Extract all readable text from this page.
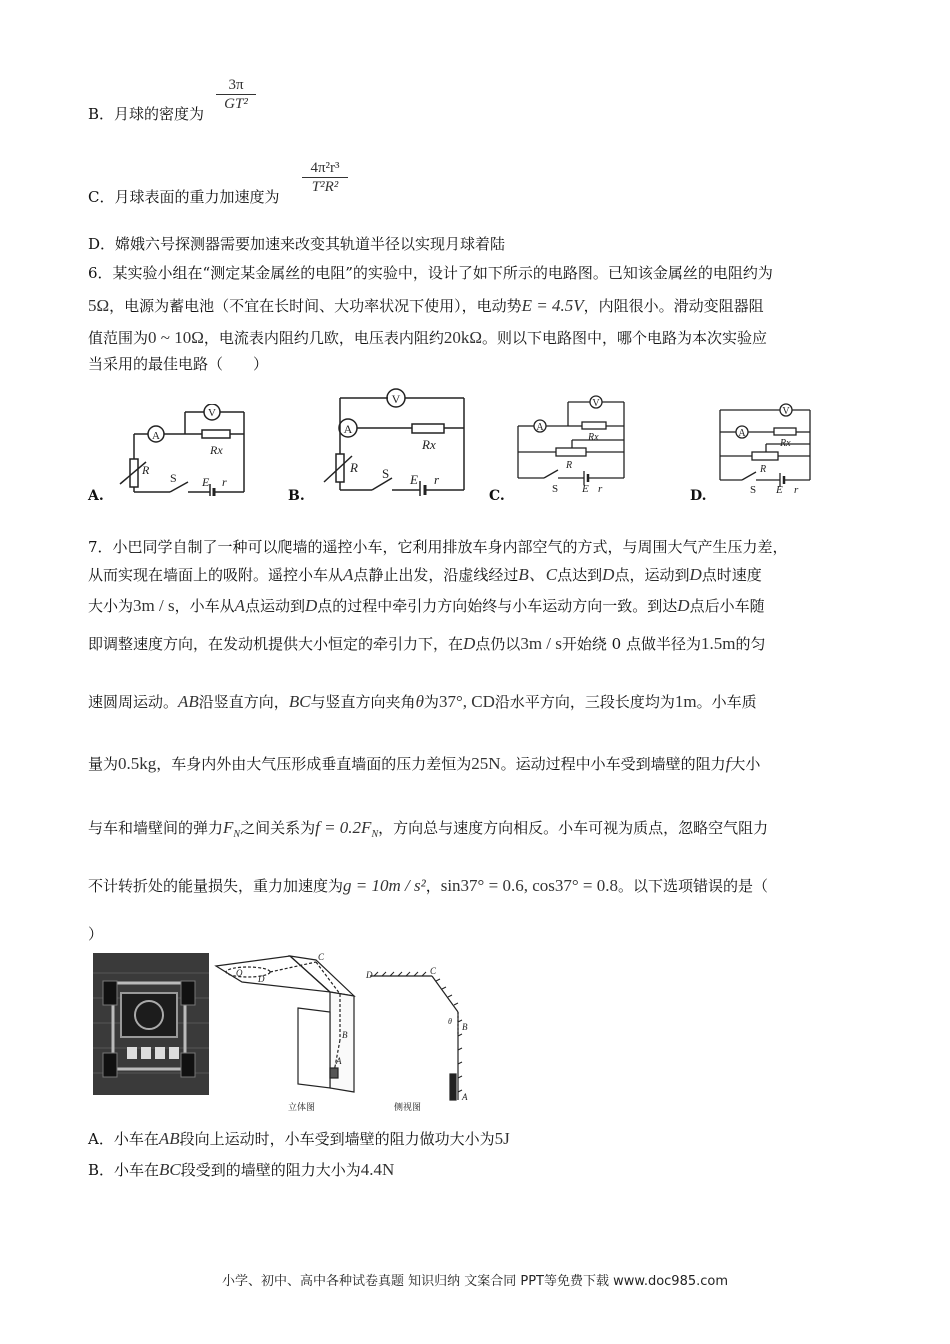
B．月球的密度为
3π
GT²
C．月球表面的重力加速度为
4π²r³
T²R²
D．嫦娥六号探测器需要加速来改变其轨道半径以实现月球着陆
6．某实验小组在“测定某金属丝的电阻”的实验中，设计了如下所示的电路图。已知该金属丝的电阻约为
5Ω，电源为蓄电池（不宜在长时间、大功率状况下使用），电动势E = 4.5V，内阻很小。滑动变阻器阻
值范围为0 ~ 10Ω，电流表内阻约几欧，电压表内阻约20kΩ。则以下电路图中，哪个电路为本次实验应
当采用的最佳电路（　　）
A.	B.	C.	D.
A
V
Rx
R
S E r
A
V
Rx
R S E r
A
V
Rx
R
S E r
A
V
Rx
R
S E r
7．小巴同学自制了一种可以爬墙的遥控小车，它利用排放车身内部空气的方式，与周围大气产生压力差，
从而实现在墙面上的吸附。遥控小车从A点静止出发，沿虚线经过B、C点达到D点，运动到D点时速度
大小为3m / s，小车从A点运动到D点的过程中牵引力方向始终与小车运动方向一致。到达D点后小车随
即调整速度方向，在发动机提供大小恒定的牵引力下，在D点仍以3m / s开始绕 0 点做半径为1.5m的匀
速圆周运动。AB沿竖直方向，BC与竖直方向夹角θ为37°, CD沿水平方向，三段长度均为1m。小车质
量为0.5kg，车身内外由大气压形成垂直墙面的压力差恒为25N。运动过程中小车受到墙壁的阻力f大小
与车和墙壁间的弹力$F_N$之间关系为$f = 0.2F_N$，方向总与速度方向相反。小车可视为质点，忽略空气阻力
不计转折处的能量损失，重力加速度为g = 10m / s²，sin37° = 0.6, cos37° = 0.8。以下选项错误的是（
）
O
D
C
B
A
立体图
D	C
θ
B
A
侧视图
A．小车在AB段向上运动时，小车受到墙壁的阻力做功大小为5J
B．小车在BC段受到的墙壁的阻力大小为4.4N
小学、初中、高中各种试卷真题 知识归纳 文案合同 PPT等免费下载 www.doc985.com
